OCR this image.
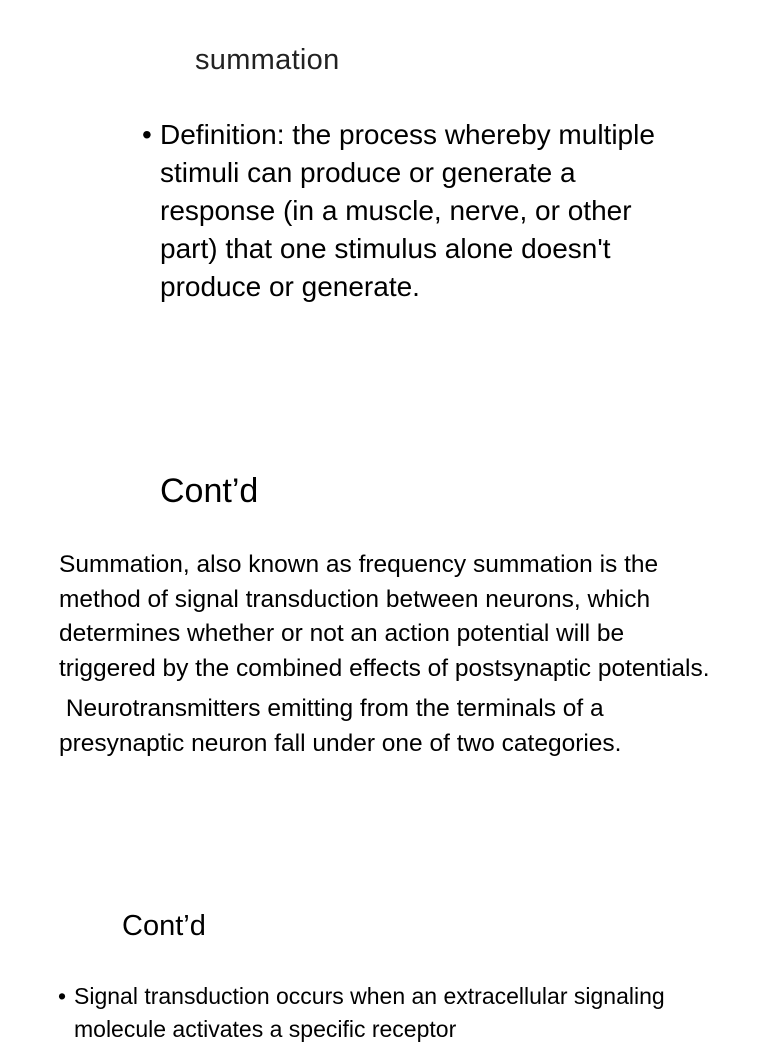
summation
• Definition: the process whereby multiple stimuli can produce or generate a response (in a muscle, nerve, or other part) that one stimulus alone doesn't produce or generate.
Cont’d

Summation, also known as frequency summation is the method of signal transduction between neurons, which determines whether or not an action potential will be triggered by the combined effects of postsynaptic potentials.

Neurotransmitters emitting from the terminals of a presynaptic neuron fall under one of two categories.

Cont’d
• Signal transduction occurs when an extracellular signaling molecule activates a specific receptor
